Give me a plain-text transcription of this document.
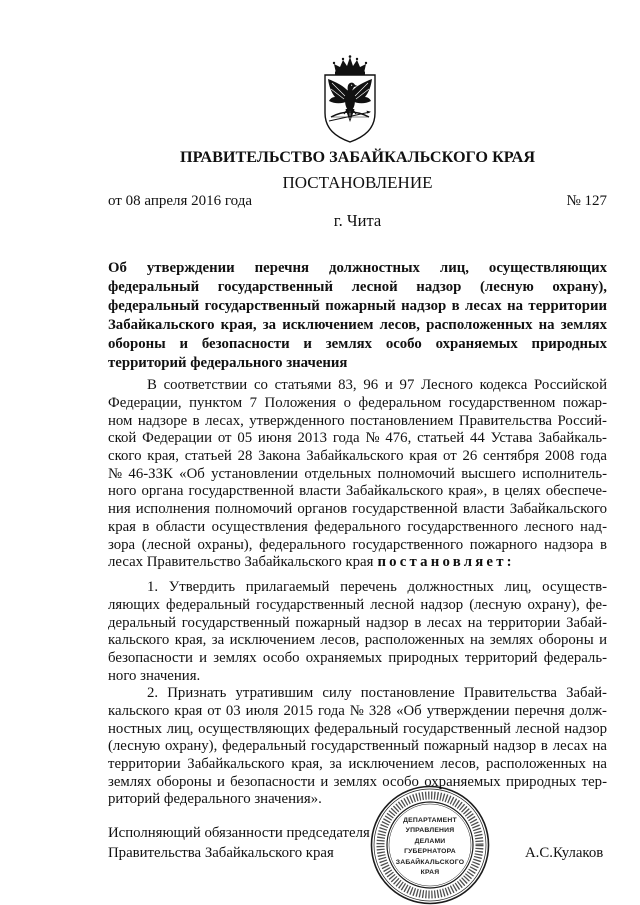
ПРАВИТЕЛЬСТВО ЗАБАЙКАЛЬСКОГО КРАЯ
ПОСТАНОВЛЕНИЕ
от 08 апреля 2016 года	№ 127
г. Чита
Об утверждении перечня должностных лиц, осуществляющих
федеральный государственный лесной надзор (лесную охрану),
федеральный государственный пожарный надзор в лесах на территории
Забайкальского края, за исключением лесов, расположенных на землях
обороны и безопасности и землях особо охраняемых природных
территорий федерального значения
В соответствии со статьями 83, 96 и 97 Лесного кодекса Российской
Федерации, пунктом 7 Положения о федеральном государственном пожар-
ном надзоре в лесах, утвержденного постановлением Правительства Россий-
ской Федерации от 05 июня 2013 года № 476, статьей 44 Устава Забайкаль-
ского края, статьей 28 Закона Забайкальского края от 26 сентября 2008 года
№ 46-ЗЗК «Об установлении отдельных полномочий высшего исполнитель-
ного органа государственной власти Забайкальского края», в целях обеспече-
ния исполнения полномочий органов государственной власти Забайкальского
края в области осуществления федерального государственного лесного над-
зора (лесной охраны), федерального государственного пожарного надзора в
лесах Правительство Забайкальского края постановляет:
1. Утвердить прилагаемый перечень должностных лиц, осуществ-
ляющих федеральный государственный лесной надзор (лесную охрану), фе-
деральный государственный пожарный надзор в лесах на территории Забай-
кальского края, за исключением лесов, расположенных на землях обороны и
безопасности и землях особо охраняемых природных территорий федераль-
ного значения.
2. Признать утратившим силу постановление Правительства Забай-
кальского края от 03 июля 2015 года № 328 «Об утверждении перечня долж-
ностных лиц, осуществляющих федеральный государственный лесной надзор
(лесную охрану), федеральный государственный пожарный надзор в лесах на
территории Забайкальского края, за исключением лесов, расположенных на
землях обороны и безопасности и землях особо охраняемых природных тер-
риторий федерального значения».
Исполняющий обязанности председателя
Правительства Забайкальского края	А.С.Кулаков
ДЕПАРТАМЕНТ
УПРАВЛЕНИЯ
ДЕЛАМИ
ГУБЕРНАТОРА
ЗАБАЙКАЛЬСКОГО
КРАЯ
